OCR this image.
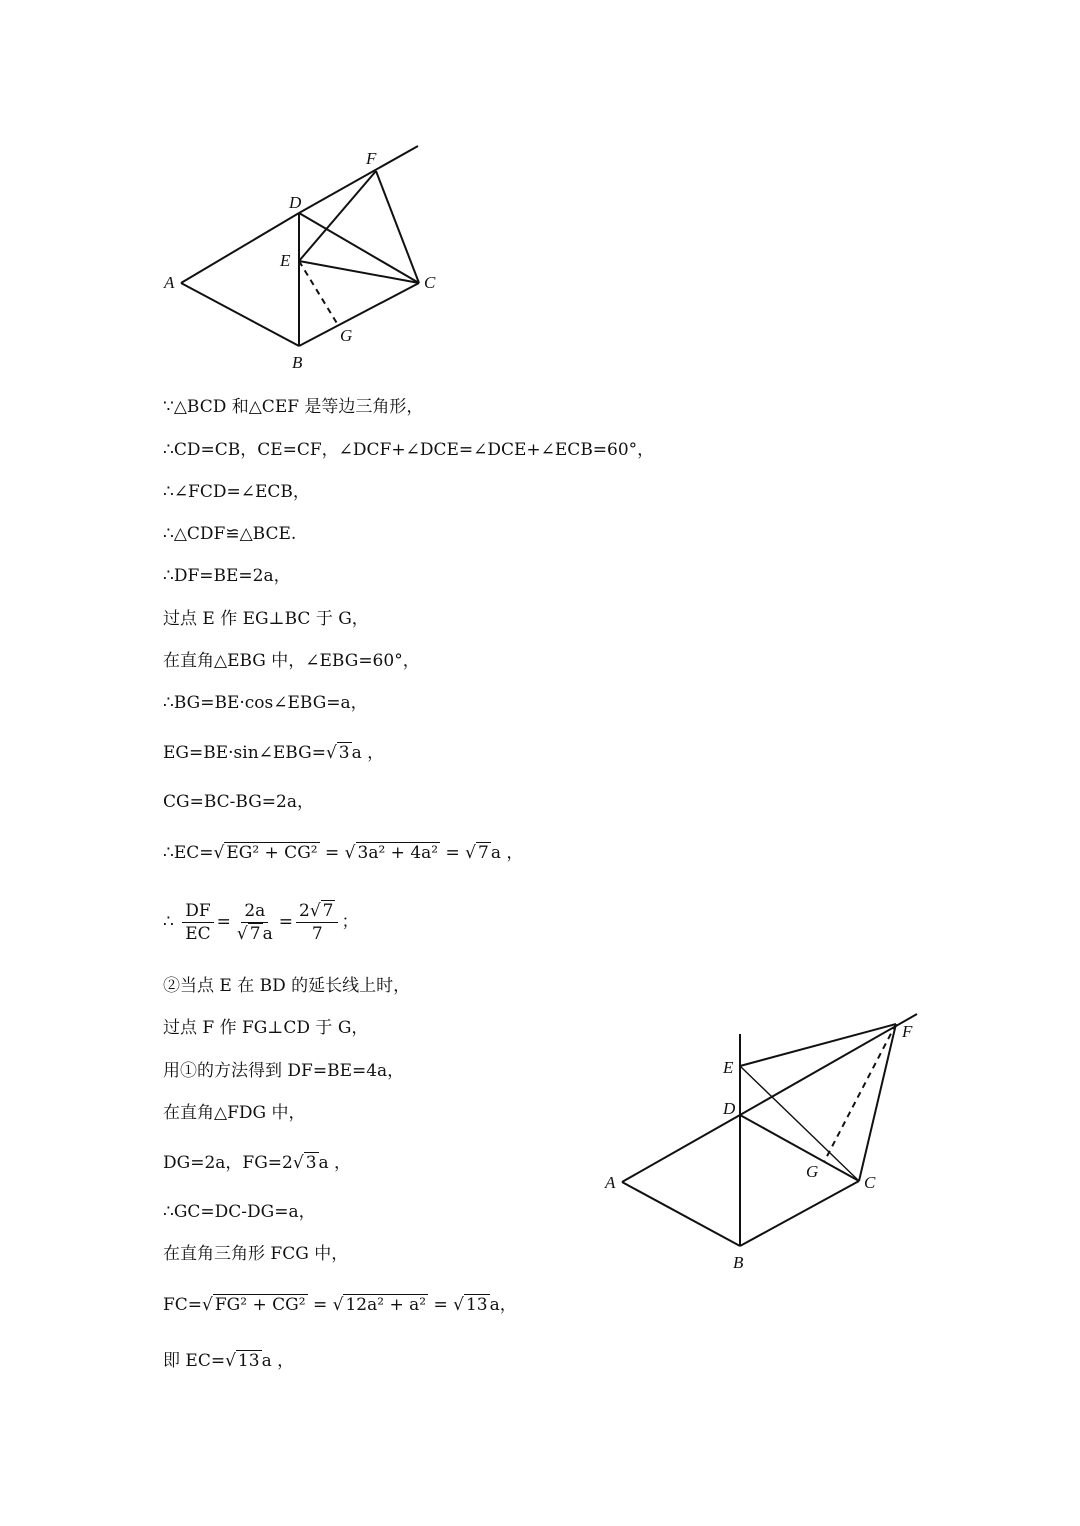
A
B
C
D
E
F
G
A
B
C
D
E
F
G
∵△BCD 和△CEF 是等边三角形，
∴CD=CB，CE=CF，∠DCF+∠DCE=∠DCE+∠ECB=60°，
∴∠FCD=∠ECB，
∴△CDF≌△BCE.
∴DF=BE=2a，
过点 E 作 EG⊥BC 于 G，
在直角△EBG 中，∠EBG=60°，
∴BG=BE·cos∠EBG=a，
EG=BE·sin∠EBG=√ 3 a ，
CG=BC-BG=2a，
∴EC=√ EG² + CG² = √ 3a² + 4a² = √ 7 a ，
∴ $\frac{DF}{EC} = \frac{2a}{√ 7 a} = \frac{2√ 7}{7}$ ；
②当点 E 在 BD 的延长线上时，
过点 F 作 FG⊥CD 于 G，
用①的方法得到 DF=BE=4a，
在直角△FDG 中，
DG=2a，FG=2√ 3 a ，
∴GC=DC-DG=a，
在直角三角形 FCG 中，
FC=√ FG² + CG² = √ 12a² + a² = √ 13 a，
即 EC=√ 13 a ，
